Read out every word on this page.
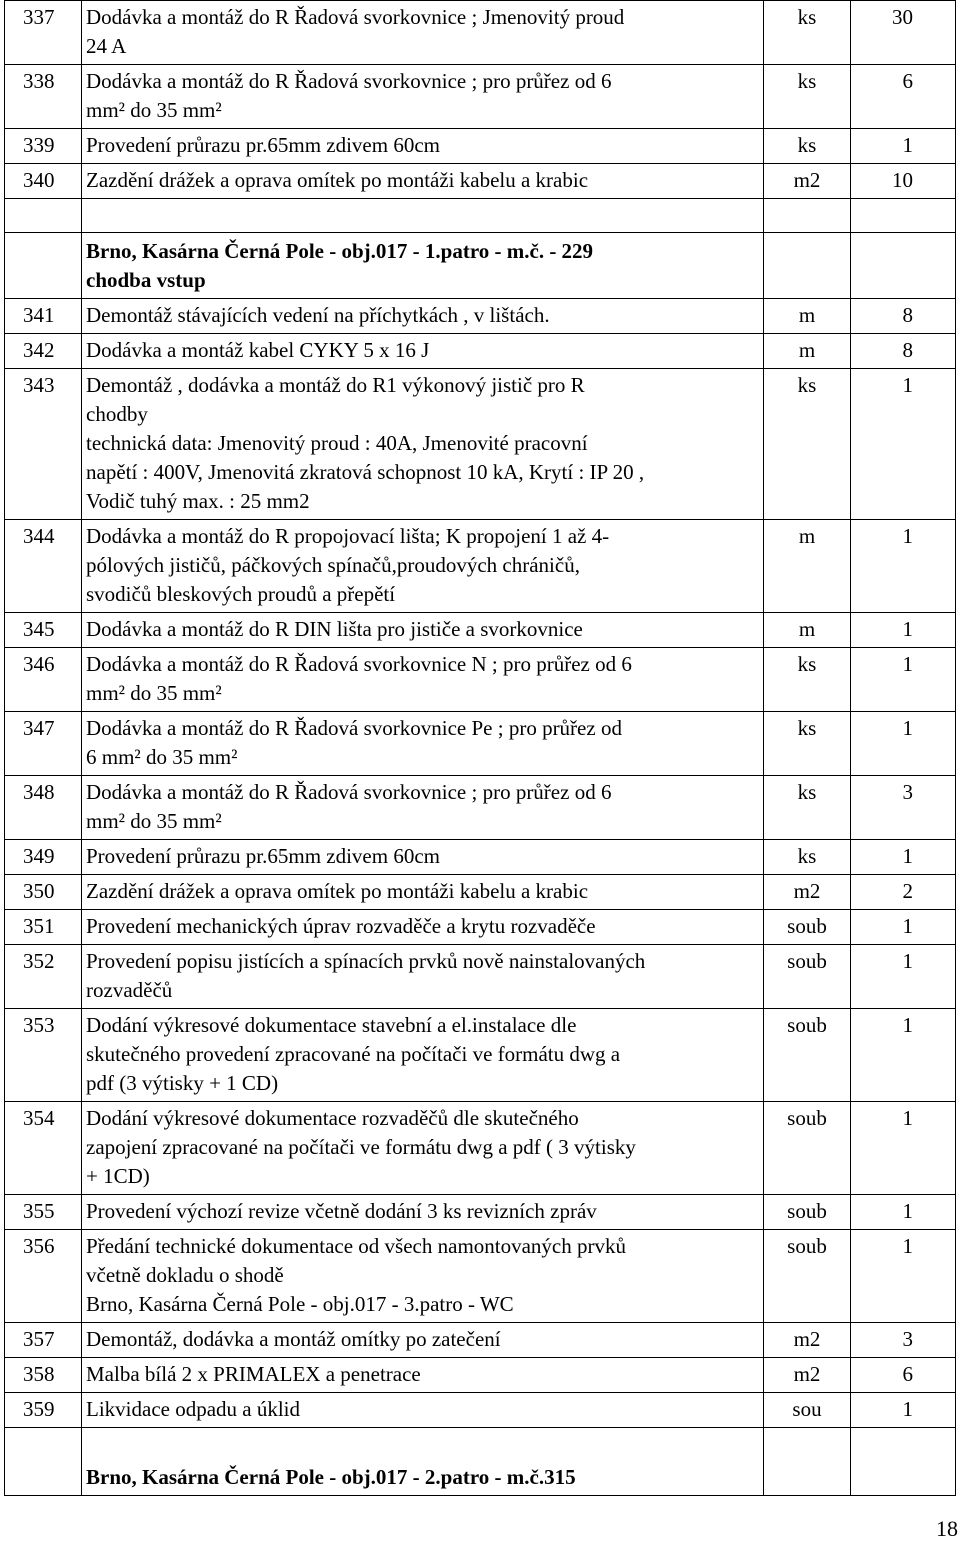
337	Dodávka a montáž do R Řadová svorkovnice ; Jmenovitý proud
24 A	ks	30
338	Dodávka a montáž do R Řadová svorkovnice ; pro průřez od 6
mm² do 35 mm²	ks	6
339	Provedení průrazu pr.65mm zdivem 60cm	ks	1
340	Zazdění drážek a oprava omítek po montáži kabelu a krabic	m2	10

	Brno, Kasárna Černá Pole - obj.017 - 1.patro - m.č. - 229
chodba vstup		
341	Demontáž stávajících vedení na příchytkách , v lištách.	m	8
342	Dodávka a montáž kabel CYKY 5 x 16 J	m	8
343	Demontáž , dodávka a montáž do R1 výkonový jistič pro R
chodby
technická data: Jmenovitý proud : 40A, Jmenovité pracovní
napětí : 400V, Jmenovitá zkratová schopnost 10 kA, Krytí : IP 20 ,
Vodič tuhý max. : 25 mm2	ks	1
344	Dodávka a montáž do R propojovací lišta; K propojení 1 až 4-
pólových jističů, páčkových spínačů,proudových chráničů,
svodičů bleskových proudů a přepětí	m	1
345	Dodávka a montáž do R DIN lišta pro jističe a svorkovnice	m	1
346	Dodávka a montáž do R Řadová svorkovnice N ; pro průřez od 6
mm² do 35 mm²	ks	1
347	Dodávka a montáž do R Řadová svorkovnice Pe ; pro průřez od
6 mm² do 35 mm²	ks	1
348	Dodávka a montáž do R Řadová svorkovnice ; pro průřez od 6
mm² do 35 mm²	ks	3
349	Provedení průrazu pr.65mm zdivem 60cm	ks	1
350	Zazdění drážek a oprava omítek po montáži kabelu a krabic	m2	2
351	Provedení mechanických úprav rozvaděče a krytu rozvaděče	soub	1
352	Provedení popisu jistících a spínacích prvků nově nainstalovaných
rozvaděčů	soub	1
353	Dodání výkresové dokumentace stavební a el.instalace dle
skutečného provedení zpracované na počítači ve formátu dwg a
pdf (3 výtisky + 1 CD)	soub	1
354	Dodání výkresové dokumentace rozvaděčů dle skutečného
zapojení zpracované na počítači ve formátu dwg a pdf ( 3 výtisky
+ 1CD)	soub	1
355	Provedení výchozí revize včetně dodání 3 ks revizních zpráv	soub	1
356	Předání technické dokumentace od všech namontovaných prvků
včetně dokladu o shodě
Brno, Kasárna Černá Pole - obj.017 - 3.patro - WC	soub	1
357	Demontáž, dodávka a montáž omítky po zatečení	m2	3
358	Malba bílá 2 x PRIMALEX a penetrace	m2	6
359	Likvidace odpadu a úklid	sou	1
	Brno, Kasárna Černá Pole - obj.017 - 2.patro - m.č.315		
18
